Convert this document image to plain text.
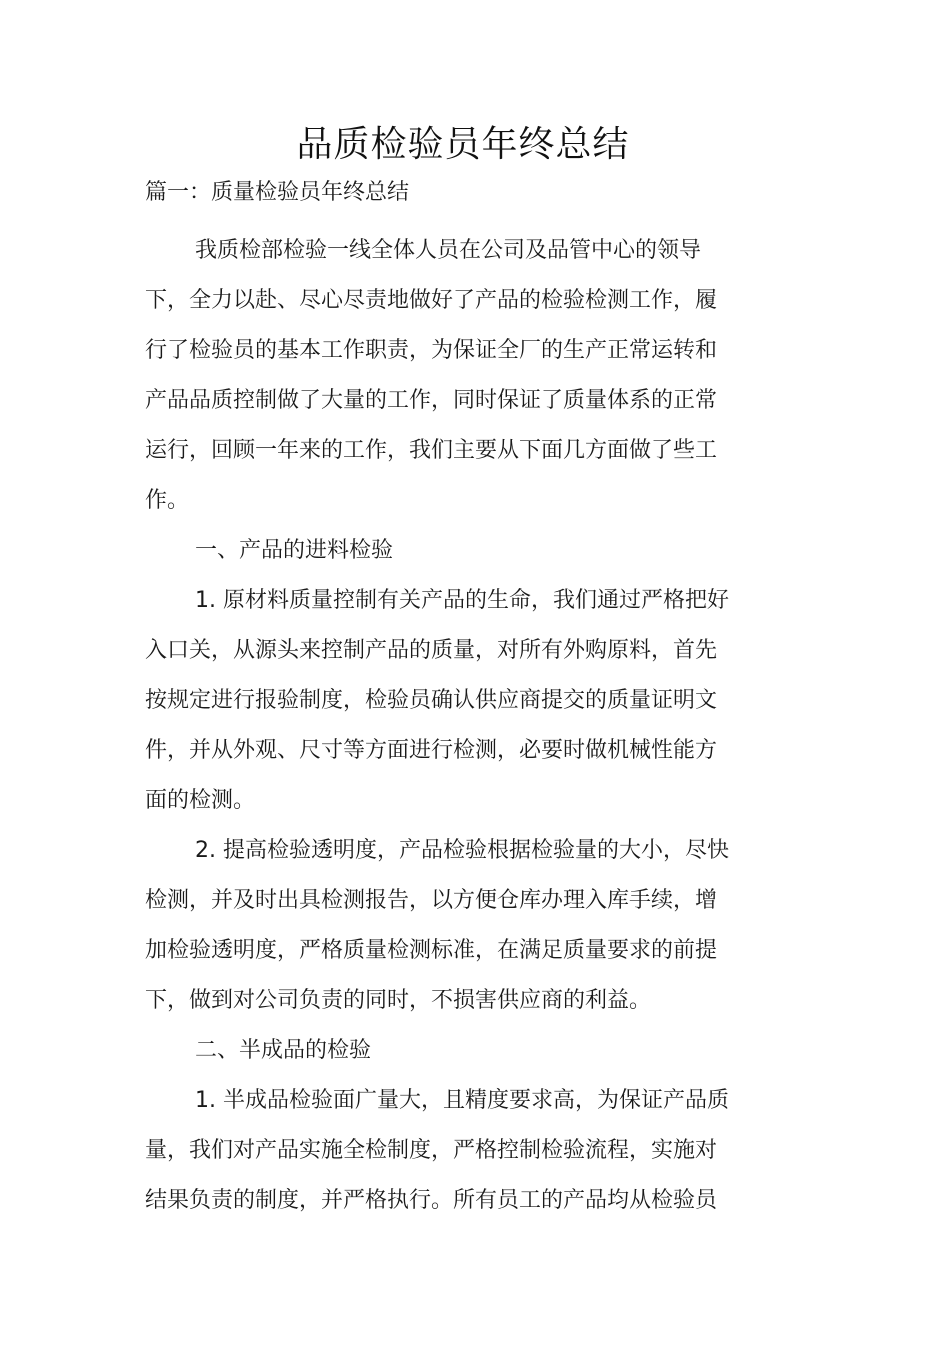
品质检验员年终总结
篇一：质量检验员年终总结
我质检部检验一线全体人员在公司及品管中心的领导
下，全力以赴、尽心尽责地做好了产品的检验检测工作，履
行了检验员的基本工作职责，为保证全厂的生产正常运转和
产品品质控制做了大量的工作，同时保证了质量体系的正常
运行，回顾一年来的工作，我们主要从下面几方面做了些工
作。
一、产品的进料检验
1. 原材料质量控制有关产品的生命，我们通过严格把好
入口关，从源头来控制产品的质量，对所有外购原料，首先
按规定进行报验制度，检验员确认供应商提交的质量证明文
件，并从外观、尺寸等方面进行检测，必要时做机械性能方
面的检测。
2. 提高检验透明度，产品检验根据检验量的大小，尽快
检测，并及时出具检测报告，以方便仓库办理入库手续，增
加检验透明度，严格质量检测标准，在满足质量要求的前提
下，做到对公司负责的同时，不损害供应商的利益。
二、半成品的检验
1. 半成品检验面广量大，且精度要求高，为保证产品质
量，我们对产品实施全检制度，严格控制检验流程，实施对
结果负责的制度，并严格执行。所有员工的产品均从检验员
